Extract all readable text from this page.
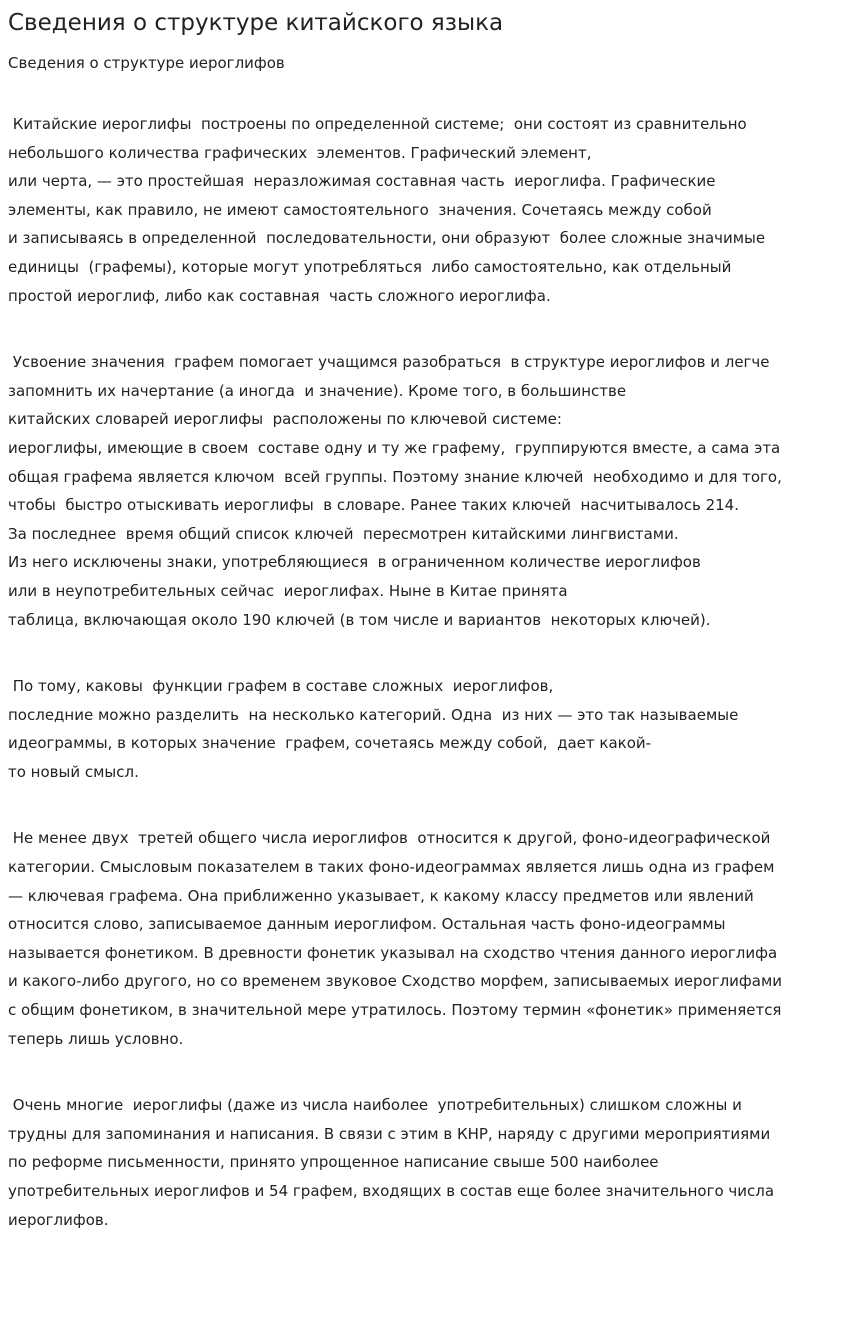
Сведения о структуре китайского языка
Сведения о структуре иероглифов

Китайские иероглифы  построены по определенной системе;  они состоят из сравнительно
небольшого количества графических  элементов. Графический элемент,
или черта, — это простейшая  неразложимая составная часть  иероглифа. Графические
элементы, как правило, не имеют самостоятельного  значения. Сочетаясь между собой
и записываясь в определенной  последовательности, они образуют  более сложные значимые
единицы  (графемы), которые могут употребляться  либо самостоятельно, как отдельный
простой иероглиф, либо как составная  часть сложного иероглифа.

Усвоение значения  графем помогает учащимся разобраться  в структуре иероглифов и легче
запомнить их начертание (а иногда  и значение). Кроме того, в большинстве
китайских словарей иероглифы  расположены по ключевой системе:
иероглифы, имеющие в своем  составе одну и ту же графему,  группируются вместе, а сама эта
общая графема является ключом  всей группы. Поэтому знание ключей  необходимо и для того,
чтобы  быстро отыскивать иероглифы  в словаре. Ранее таких ключей  насчитывалось 214.
За последнее  время общий список ключей  пересмотрен китайскими лингвистами.
Из него исключены знаки, употребляющиеся  в ограниченном количестве иероглифов
или в неупотребительных сейчас  иероглифах. Ныне в Китае принята
таблица, включающая около 190 ключей (в том числе и вариантов  некоторых ключей).

По тому, каковы  функции графем в составе сложных  иероглифов,
последние можно разделить  на несколько категорий. Одна  из них — это так называемые
идеограммы, в которых значение  графем, сочетаясь между собой,  дает какой-
то новый смысл.

Не менее двух  третей общего числа иероглифов  относится к другой, фоно-идеографической
категории. Смысловым показателем в таких фоно-идеограммах является лишь одна из графем
— ключевая графема. Она приближенно указывает, к какому классу предметов или явлений
относится слово, записываемое данным иероглифом. Остальная часть фоно-идеограммы
называется фонетиком. В древности фонетик указывал на сходство чтения данного иероглифа
и какого-либо другого, но со временем звуковое Сходство морфем, записываемых иероглифами
с общим фонетиком, в значительной мере утратилось. Поэтому термин «фонетик» применяется
теперь лишь условно.

Очень многие  иероглифы (даже из числа наиболее  употребительных) слишком сложны и
трудны для запоминания и написания. В связи с этим в КНР, наряду с другими мероприятиями
по реформе письменности, принято упрощенное написание свыше 500 наиболее
употребительных иероглифов и 54 графем, входящих в состав еще более значительного числа
иероглифов.
